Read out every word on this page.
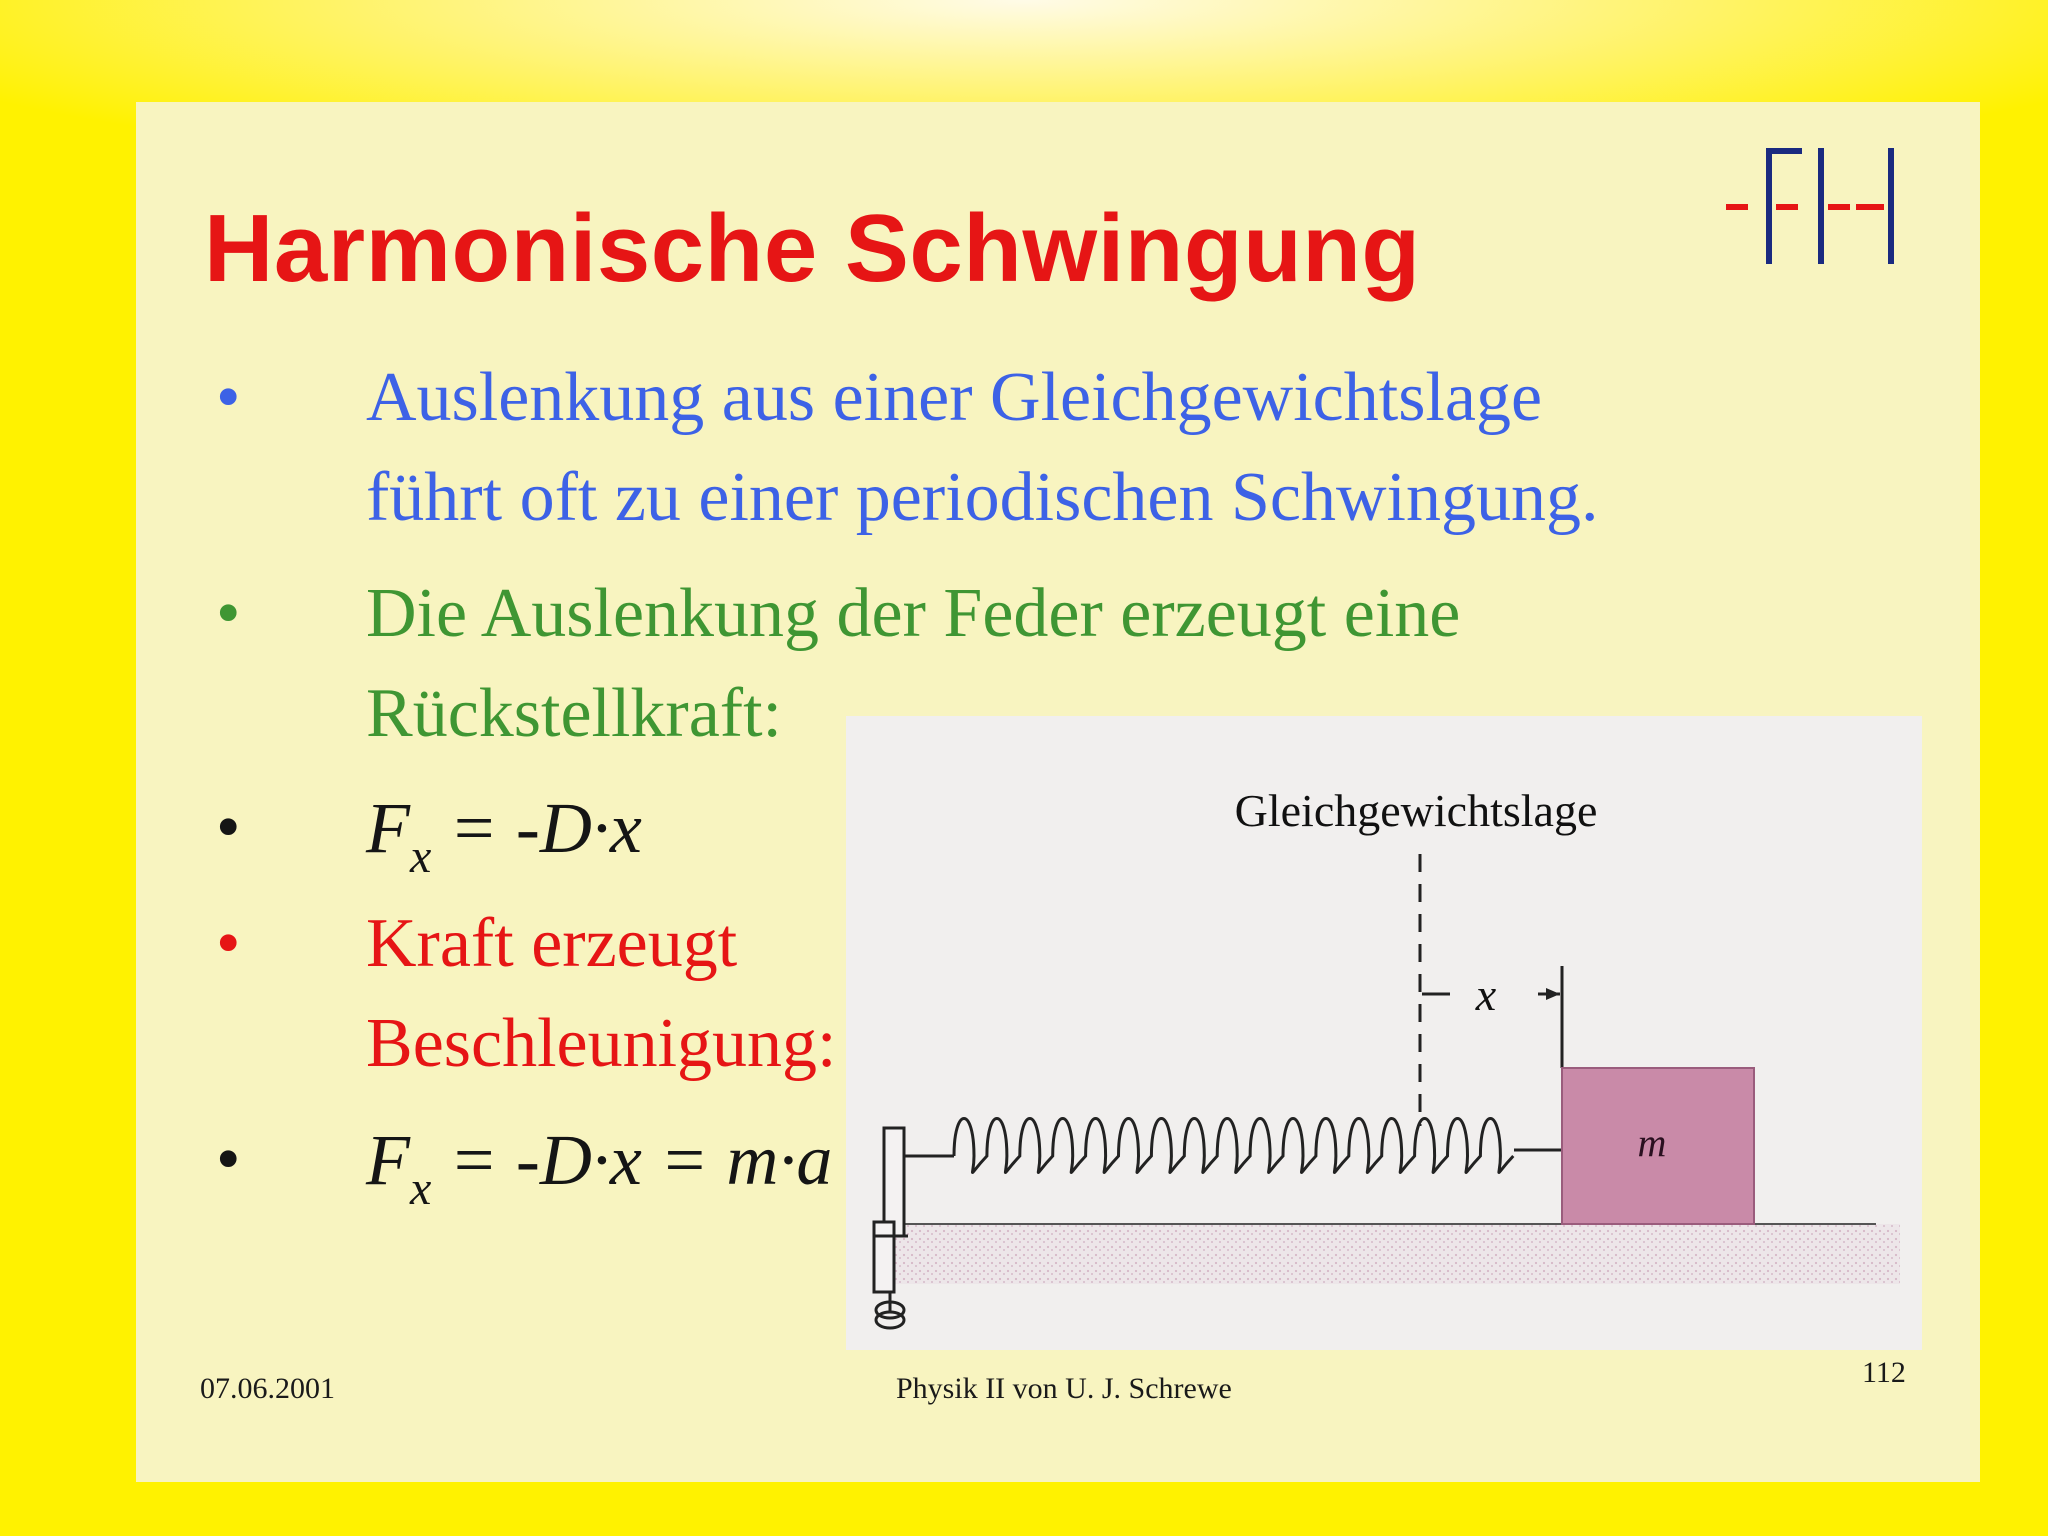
Harmonische Schwingung
•	Auslenkung aus einer Gleichgewichtslage
führt oft zu einer periodischen Schwingung.
•	Die Auslenkung der Feder erzeugt eine
Rückstellkraft:
•	$F_x = -D\cdot x$
•	Kraft erzeugt
Beschleunigung:
•	$F_x = -D\cdot x = m\cdot a$
Gleichgewichtslage
x
m
07.06.2001	Physik II von U. J. Schrewe	112
